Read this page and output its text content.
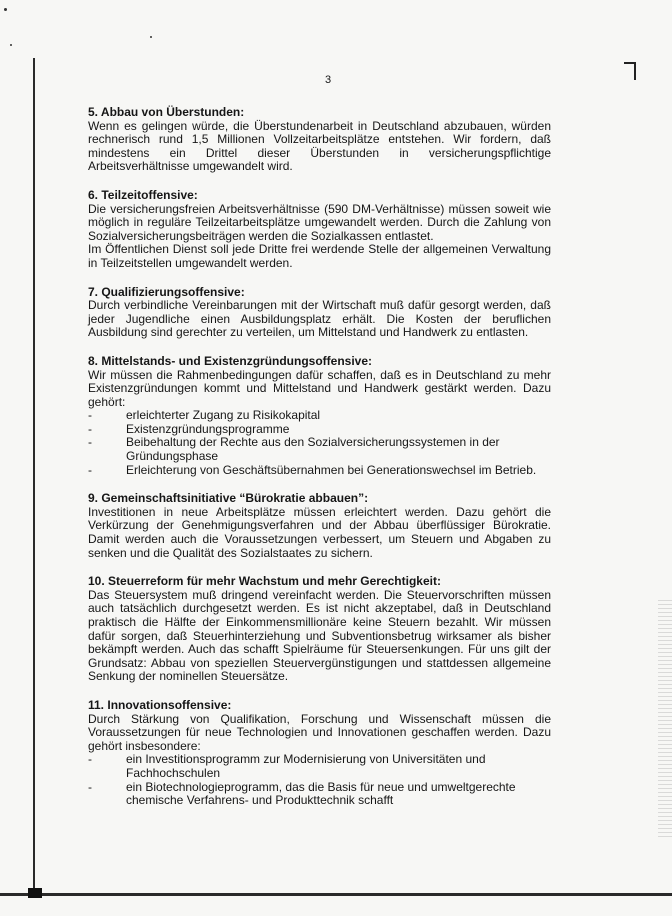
3
5. Abbau von Überstunden:
Wenn es gelingen würde, die Überstundenarbeit in Deutschland abzubauen, würden rechnerisch rund 1,5 Millionen Vollzeitarbeitsplätze entstehen. Wir fordern, daß mindestens ein Drittel dieser Überstunden in versicherungspflichtige Arbeitsverhältnisse umgewandelt wird.
6. Teilzeitoffensive:
Die versicherungsfreien Arbeitsverhältnisse (590 DM-Verhältnisse) müssen soweit wie möglich in reguläre Teilzeitarbeitsplätze umgewandelt werden. Durch die Zahlung von Sozialversicherungsbeiträgen werden die Sozialkassen entlastet.
Im Öffentlichen Dienst soll jede Dritte frei werdende Stelle der allgemeinen Verwaltung in Teilzeitstellen umgewandelt werden.
7. Qualifizierungsoffensive:
Durch verbindliche Vereinbarungen mit der Wirtschaft muß dafür gesorgt werden, daß jeder Jugendliche einen Ausbildungsplatz erhält. Die Kosten der beruflichen Ausbildung sind gerechter zu verteilen, um Mittelstand und Handwerk zu entlasten.
8. Mittelstands- und Existenzgründungsoffensive:
Wir müssen die Rahmenbedingungen dafür schaffen, daß es in Deutschland zu mehr Existenzgründungen kommt und Mittelstand und Handwerk gestärkt werden. Dazu gehört:
-	erleichterter Zugang zu Risikokapital
-	Existenzgründungsprogramme
-	Beibehaltung der Rechte aus den Sozialversicherungssystemen in der Gründungsphase
-	Erleichterung von Geschäftsübernahmen bei Generationswechsel im Betrieb.
9. Gemeinschaftsinitiative “Bürokratie abbauen”:
Investitionen in neue Arbeitsplätze müssen erleichtert werden. Dazu gehört die Verkürzung der Genehmigungsverfahren und der Abbau überflüssiger Bürokratie. Damit werden auch die Voraussetzungen verbessert, um Steuern und Abgaben zu senken und die Qualität des Sozialstaates zu sichern.
10. Steuerreform für mehr Wachstum und mehr Gerechtigkeit:
Das Steuersystem muß dringend vereinfacht werden. Die Steuervorschriften müssen auch tatsächlich durchgesetzt werden. Es ist nicht akzeptabel, daß in Deutschland praktisch die Hälfte der Einkommensmillionäre keine Steuern bezahlt. Wir müssen dafür sorgen, daß Steuerhinterziehung und Subventionsbetrug wirksamer als bisher bekämpft werden. Auch das schafft Spielräume für Steuersenkungen. Für uns gilt der Grundsatz: Abbau von speziellen Steuervergünstigungen und stattdessen allgemeine Senkung der nominellen Steuersätze.
11. Innovationsoffensive:
Durch Stärkung von Qualifikation, Forschung und Wissenschaft müssen die Voraussetzungen für neue Technologien und Innovationen geschaffen werden. Dazu gehört insbesondere:
-	ein Investitionsprogramm zur Modernisierung von Universitäten und Fachhochschulen
-	ein Biotechnologieprogramm, das die Basis für neue und umweltgerechte chemische Verfahrens- und Produkttechnik schafft
